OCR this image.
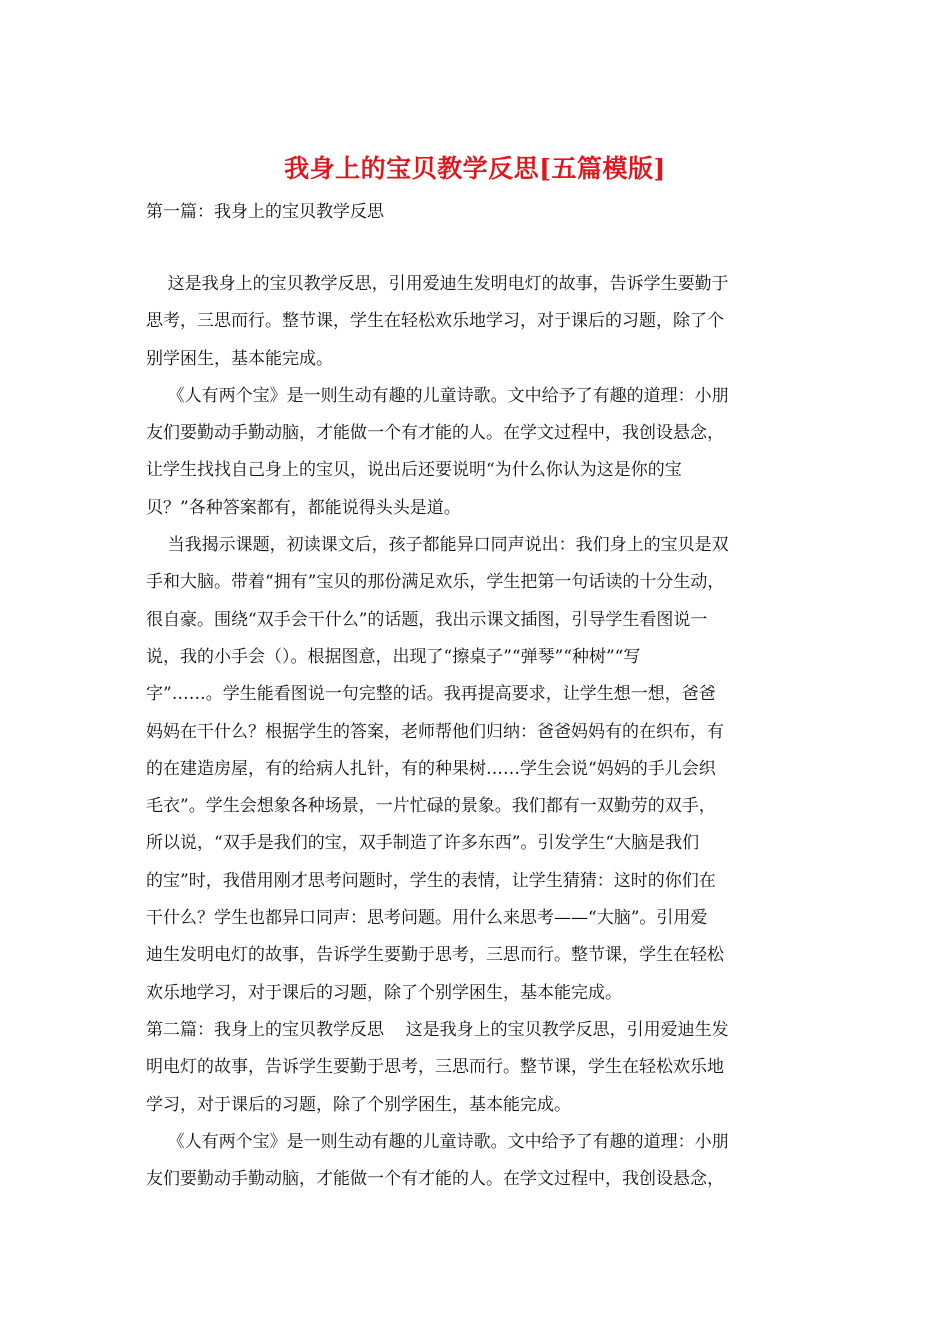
我身上的宝贝教学反思[五篇模版]
第一篇：我身上的宝贝教学反思
这是我身上的宝贝教学反思，引用爱迪生发明电灯的故事，告诉学生要勤于
思考，三思而行。整节课，学生在轻松欢乐地学习，对于课后的习题，除了个
别学困生，基本能完成。
《人有两个宝》是一则生动有趣的儿童诗歌。文中给予了有趣的道理：小朋
友们要勤动手勤动脑，才能做一个有才能的人。在学文过程中，我创设悬念，
让学生找找自己身上的宝贝，说出后还要说明“为什么你认为这是你的宝
贝？”各种答案都有，都能说得头头是道。
当我揭示课题，初读课文后，孩子都能异口同声说出：我们身上的宝贝是双
手和大脑。带着“拥有”宝贝的那份满足欢乐，学生把第一句话读的十分生动，
很自豪。围绕“双手会干什么”的话题，我出示课文插图，引导学生看图说一
说，我的小手会（）。根据图意，出现了“擦桌子”“弹琴”“种树”“写
字”……。学生能看图说一句完整的话。我再提高要求，让学生想一想，爸爸
妈妈在干什么？根据学生的答案，老师帮他们归纳：爸爸妈妈有的在织布，有
的在建造房屋，有的给病人扎针，有的种果树……学生会说“妈妈的手儿会织
毛衣”。学生会想象各种场景，一片忙碌的景象。我们都有一双勤劳的双手，
所以说，“双手是我们的宝，双手制造了许多东西”。引发学生“大脑是我们
的宝”时，我借用刚才思考问题时，学生的表情，让学生猜猜：这时的你们在
干什么？学生也都异口同声：思考问题。用什么来思考——“大脑”。引用爱
迪生发明电灯的故事，告诉学生要勤于思考，三思而行。整节课，学生在轻松
欢乐地学习，对于课后的习题，除了个别学困生，基本能完成。
第二篇：我身上的宝贝教学反思    这是我身上的宝贝教学反思，引用爱迪生发
明电灯的故事，告诉学生要勤于思考，三思而行。整节课，学生在轻松欢乐地
学习，对于课后的习题，除了个别学困生，基本能完成。
《人有两个宝》是一则生动有趣的儿童诗歌。文中给予了有趣的道理：小朋
友们要勤动手勤动脑，才能做一个有才能的人。在学文过程中，我创设悬念，
